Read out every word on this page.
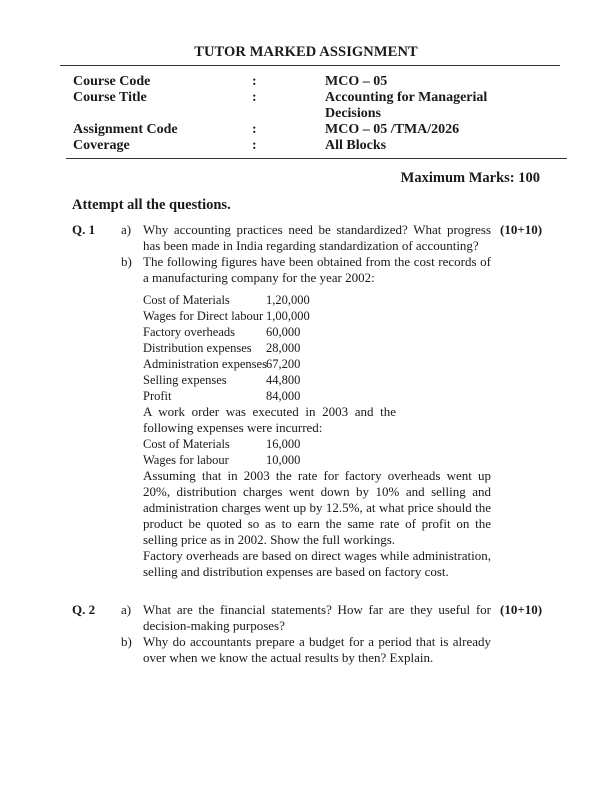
TUTOR MARKED ASSIGNMENT
Course Code	:	MCO – 05
Course Title	:	Accounting for Managerial
Decisions
Assignment Code	:	MCO – 05 /TMA/2026
Coverage	:	All Blocks
Maximum Marks: 100
Attempt all the questions.
Q. 1	(10+10)
a) Why accounting practices need be standardized? What progress has been made in India regarding standardization of accounting?
b) The following figures have been obtained from the cost records of a manufacturing company for the year 2002:
Cost of Materials	1,20,000
Wages for Direct labour 1,00,000
Factory overheads 60,000
Distribution expenses 28,000
Administration expenses 67,200
Selling expenses	44,800
Profit	84,000
A work order was executed in 2003 and the
following expenses were incurred:
Cost of Materials	16,000
Wages for labour	10,000
Assuming that in 2003 the rate for factory overheads went up 20%, distribution charges went down by 10% and selling and administration charges went up by 12.5%, at what price should the product be quoted so as to earn the same rate of profit on the selling price as in 2002. Show the full workings.
Factory overheads are based on direct wages while administration, selling and distribution expenses are based on factory cost.
Q. 2	(10+10)
a) What are the financial statements? How far are they useful for decision-making purposes?
b) Why do accountants prepare a budget for a period that is already over when we know the actual results by then? Explain.
